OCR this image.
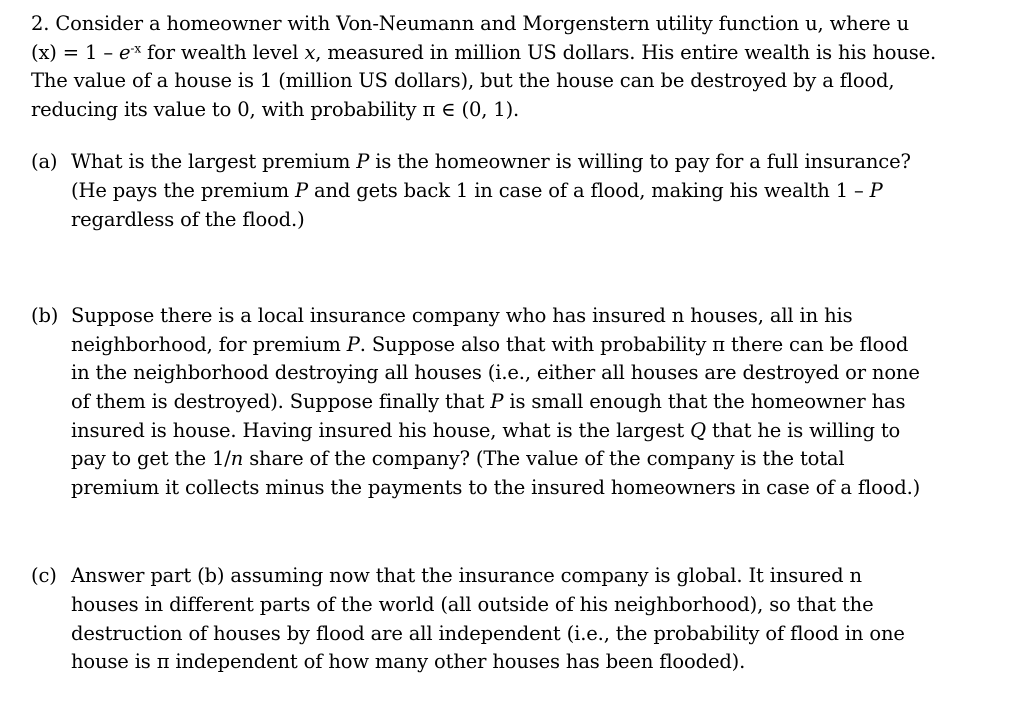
2. Consider a homeowner with Von-Neumann and Morgenstern utility function u, where u
$(x) = 1 - e^{-x}$ for wealth level x, measured in million US dollars. His entire wealth is his house.
The value of a house is 1 (million US dollars), but the house can be destroyed by a flood,
reducing its value to 0, with probability π ∈ (0, 1).
(a) What is the largest premium P is the homeowner is willing to pay for a full insurance?
(He pays the premium P and gets back 1 in case of a flood, making his wealth 1 – P
regardless of the flood.)
(b) Suppose there is a local insurance company who has insured n houses, all in his
neighborhood, for premium P. Suppose also that with probability π there can be flood
in the neighborhood destroying all houses (i.e., either all houses are destroyed or none
of them is destroyed). Suppose finally that P is small enough that the homeowner has
insured is house. Having insured his house, what is the largest Q that he is willing to
pay to get the 1/n share of the company? (The value of the company is the total
premium it collects minus the payments to the insured homeowners in case of a flood.)
(c) Answer part (b) assuming now that the insurance company is global. It insured n
houses in different parts of the world (all outside of his neighborhood), so that the
destruction of houses by flood are all independent (i.e., the probability of flood in one
house is π independent of how many other houses has been flooded).
